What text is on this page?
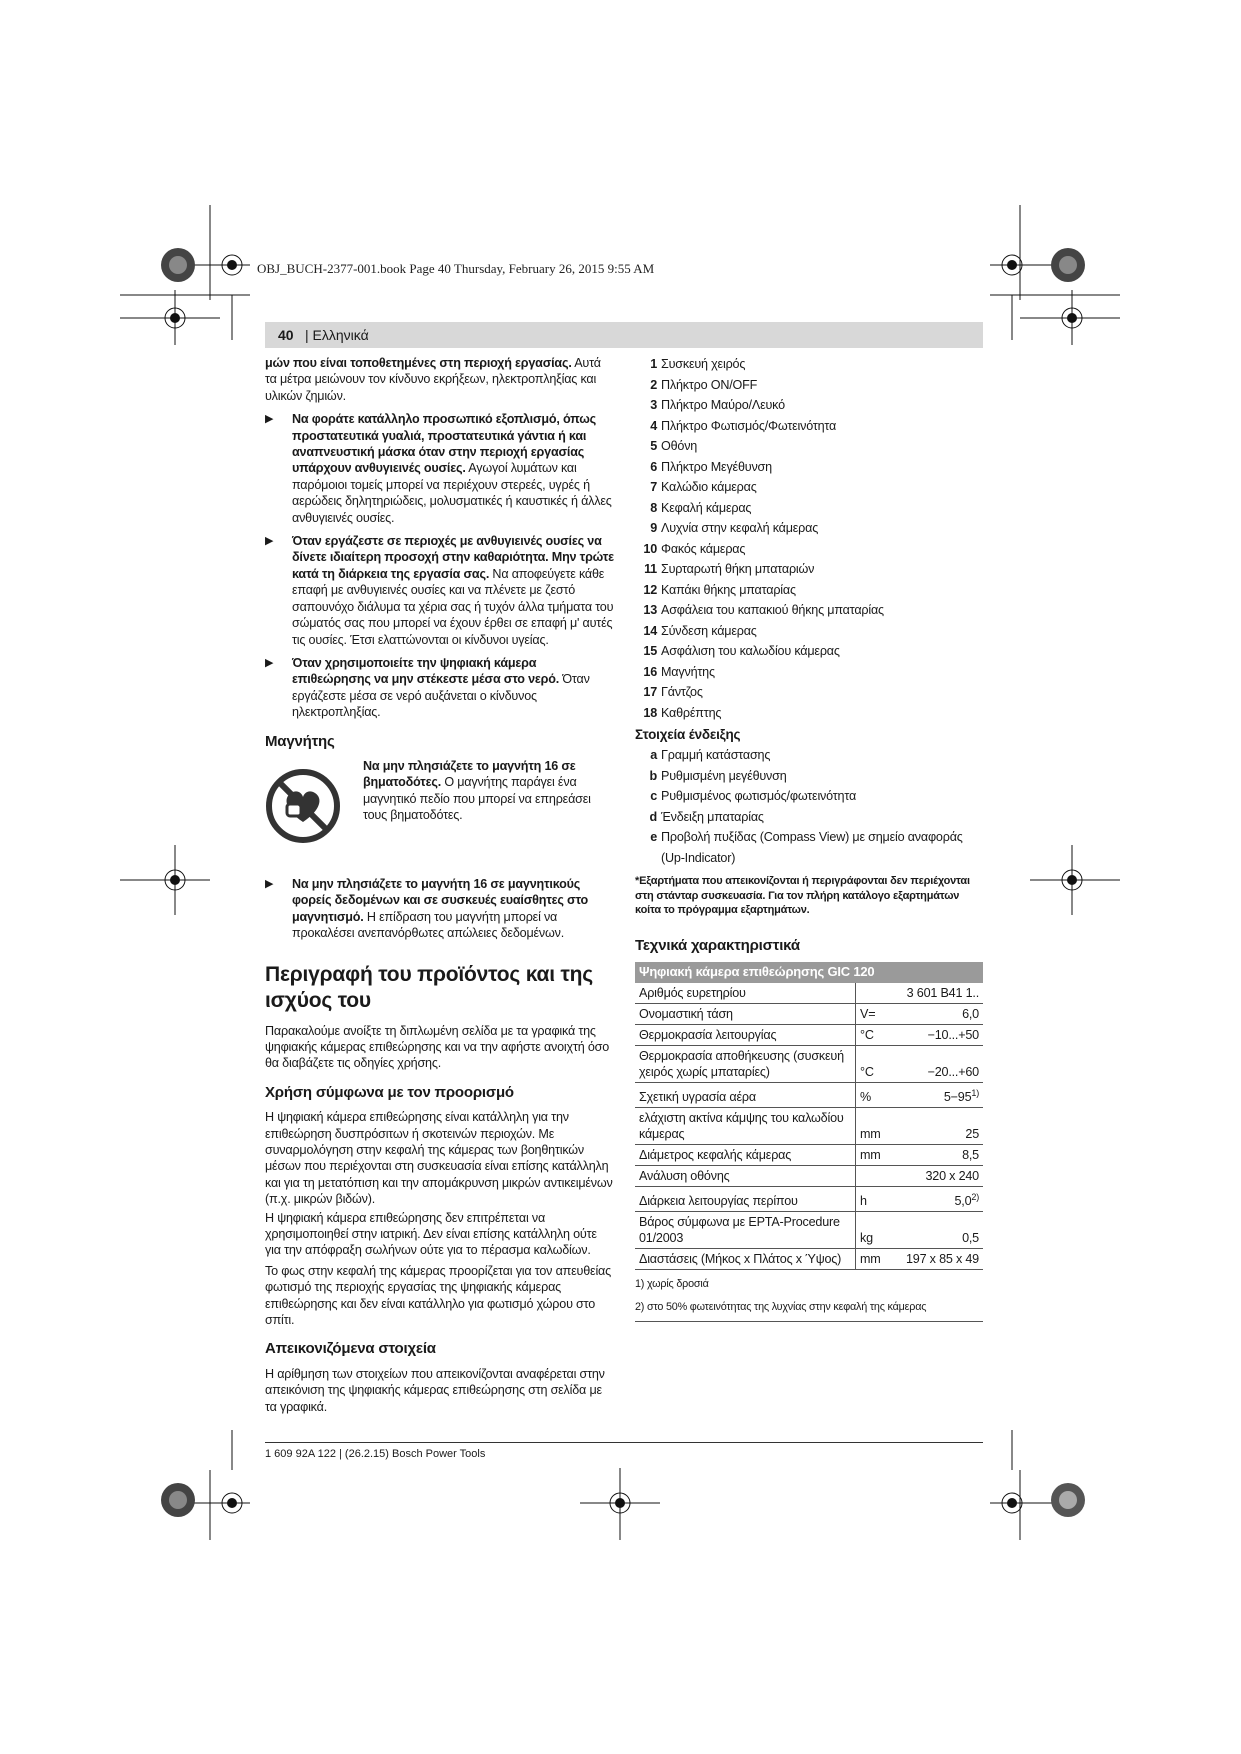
OBJ_BUCH-2377-001.book Page 40 Thursday, February 26, 2015 9:55 AM
40 | Ελληνικά

μών που είναι τοποθετημένες στη περιοχή εργασίας. Αυτά τα μέτρα μειώνουν τον κίνδυνο εκρήξεων, ηλεκτροπληξίας και υλικών ζημιών.

▶ Να φοράτε κατάλληλο προσωπικό εξοπλισμό, όπως προστατευτικά γυαλιά, προστατευτικά γάντια ή και αναπνευστική μάσκα όταν στην περιοχή εργασίας υπάρχουν ανθυγιεινές ουσίες. Αγωγοί λυμάτων και παρόμοιοι τομείς μπορεί να περιέχουν στερεές, υγρές ή αερώδεις δηλητηριώδεις, μολυσματικές ή καυστικές ή άλλες ανθυγιεινές ουσίες.

▶ Όταν εργάζεστε σε περιοχές με ανθυγιεινές ουσίες να δίνετε ιδιαίτερη προσοχή στην καθαριότητα. Μην τρώτε κατά τη διάρκεια της εργασία σας. Να αποφεύγετε κάθε επαφή με ανθυγιεινές ουσίες και να πλένετε με ζεστό σαπουνόχο διάλυμα τα χέρια σας ή τυχόν άλλα τμήματα του σώματός σας που μπορεί να έχουν έρθει σε επαφή μ' αυτές τις ουσίες. Έτσι ελαττώνονται οι κίνδυνοι υγείας.

▶ Όταν χρησιμοποιείτε την ψηφιακή κάμερα επιθεώρησης να μην στέκεστε μέσα στο νερό. Όταν εργάζεστε μέσα σε νερό αυξάνεται ο κίνδυνος ηλεκτροπληξίας.

Μαγνήτης

Να μην πλησιάζετε το μαγνήτη 16 σε βηματοδότες. Ο μαγνήτης παράγει ένα μαγνητικό πεδίο που μπορεί να επηρεάσει τους βηματοδότες.

▶ Να μην πλησιάζετε το μαγνήτη 16 σε μαγνητικούς φορείς δεδομένων και σε συσκευές ευαίσθητες στο μαγνητισμό. Η επίδραση του μαγνήτη μπορεί να προκαλέσει ανεπανόρθωτες απώλειες δεδομένων.

Περιγραφή του προϊόντος και της ισχύος του

Παρακαλούμε ανοίξτε τη διπλωμένη σελίδα με τα γραφικά της ψηφιακής κάμερας επιθεώρησης και να την αφήστε ανοιχτή όσο θα διαβάζετε τις οδηγίες χρήσης.

Χρήση σύμφωνα με τον προορισμό

Η ψηφιακή κάμερα επιθεώρησης είναι κατάλληλη για την επιθεώρηση δυσπρόσιτων ή σκοτεινών περιοχών. Με συναρμολόγηση στην κεφαλή της κάμερας των βοηθητικών μέσων που περιέχονται στη συσκευασία είναι επίσης κατάλληλη και για τη μετατόπιση και την απομάκρυνση μικρών αντικειμένων (π.χ. μικρών βιδών).

Η ψηφιακή κάμερα επιθεώρησης δεν επιτρέπεται να χρησιμοποιηθεί στην ιατρική. Δεν είναι επίσης κατάλληλη ούτε για την απόφραξη σωλήνων ούτε για το πέρασμα καλωδίων.

Το φως στην κεφαλή της κάμερας προορίζεται για τον απευθείας φωτισμό της περιοχής εργασίας της ψηφιακής κάμερας επιθεώρησης και δεν είναι κατάλληλο για φωτισμό χώρου στο σπίτι.

Απεικονιζόμενα στοιχεία

Η αρίθμηση των στοιχείων που απεικονίζονται αναφέρεται στην απεικόνιση της ψηφιακής κάμερας επιθεώρησης στη σελίδα με τα γραφικά.

1 Συσκευή χειρός
2 Πλήκτρο ON/OFF
3 Πλήκτρο Μαύρο/Λευκό
4 Πλήκτρο Φωτισμός/Φωτεινότητα
5 Οθόνη
6 Πλήκτρο Μεγέθυνση
7 Καλώδιο κάμερας
8 Κεφαλή κάμερας
9 Λυχνία στην κεφαλή κάμερας
10 Φακός κάμερας
11 Συρταρωτή θήκη μπαταριών
12 Καπάκι θήκης μπαταρίας
13 Ασφάλεια του καπακιού θήκης μπαταρίας
14 Σύνδεση κάμερας
15 Ασφάλιση του καλωδίου κάμερας
16 Μαγνήτης
17 Γάντζος
18 Καθρέπτης

Στοιχεία ένδειξης

a Γραμμή κατάστασης
b Ρυθμισμένη μεγέθυνση
c Ρυθμισμένος φωτισμός/φωτεινότητα
d Ένδειξη μπαταρίας
e Προβολή πυξίδας (Compass View) με σημείο αναφοράς (Up-Indicator)

*Εξαρτήματα που απεικονίζονται ή περιγράφονται δεν περιέχονται στη στάνταρ συσκευασία. Για τον πλήρη κατάλογο εξαρτημάτων κοίτα το πρόγραμμα εξαρτημάτων.

Τεχνικά χαρακτηριστικά

Ψηφιακή κάμερα επιθεώρησης GIC 120		
Αριθμός ευρετηρίου		3 601 B41 1..
Ονομαστική τάση	V=	6,0
Θερμοκρασία λειτουργίας	°C	−10...+50
Θερμοκρασία αποθήκευσης (συσκευή χειρός χωρίς μπαταρίες)	°C	−20...+60
Σχετική υγρασία αέρα	%	$5-95^{1)}$
ελάχιστη ακτίνα κάμψης του καλωδίου κάμερας	mm	25
Διάμετρος κεφαλής κάμερας	mm	8,5
Ανάλυση οθόνης		320 x 240
Διάρκεια λειτουργίας περίπου	h	5,0$^{2)}$
Βάρος σύμφωνα με EPTA-Procedure 01/2003	kg	0,5
Διαστάσεις (Μήκος x Πλάτος x Ύψος)	mm	197 x 85 x 49

1) χωρίς δροσιά

2) στο 50% φωτεινότητας της λυχνίας στην κεφαλή της κάμερας

1 609 92A 122 | (26.2.15) Bosch Power Tools
